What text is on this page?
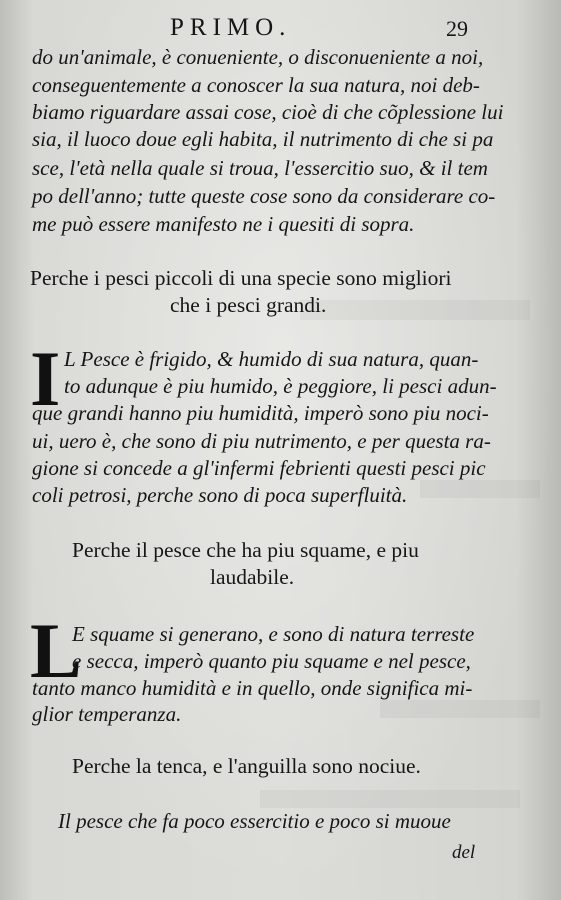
PRIMO.	29
do un'animale, è conueniente, o disconueniente a noi,
conseguentemente a conoscer la sua natura, noi deb-
biamo riguardare assai cose, cioè di che cõplessione lui
sia, il luoco doue egli habita, il nutrimento di che si pa
sce, l'età nella quale si troua, l'essercitio suo, & il tem
po dell'anno; tutte queste cose sono da considerare co-
me può essere manifesto ne i quesiti di sopra.
Perche i pesci piccoli di una specie sono migliori
che i pesci grandi.
I L Pesce è frigido, & humido di sua natura, quan-
to adunque è piu humido, è peggiore, li pesci adun-
que grandi hanno piu humidità, imperò sono piu noci-
ui, uero è, che sono di piu nutrimento, e per questa ra-
gione si concede a gl'infermi febrienti questi pesci pic
coli petrosi, perche sono di poca superfluità.
Perche il pesce che ha piu squame, e piu
laudabile.
L
E squame si generano, e sono di natura terreste
e secca, imperò quanto piu squame e nel pesce,
tanto manco humidità e in quello, onde significa mi-
glior temperanza.
Perche la tenca, e l'anguilla sono nociue.
Il pesce che fa poco essercitio e poco si muoue
del
